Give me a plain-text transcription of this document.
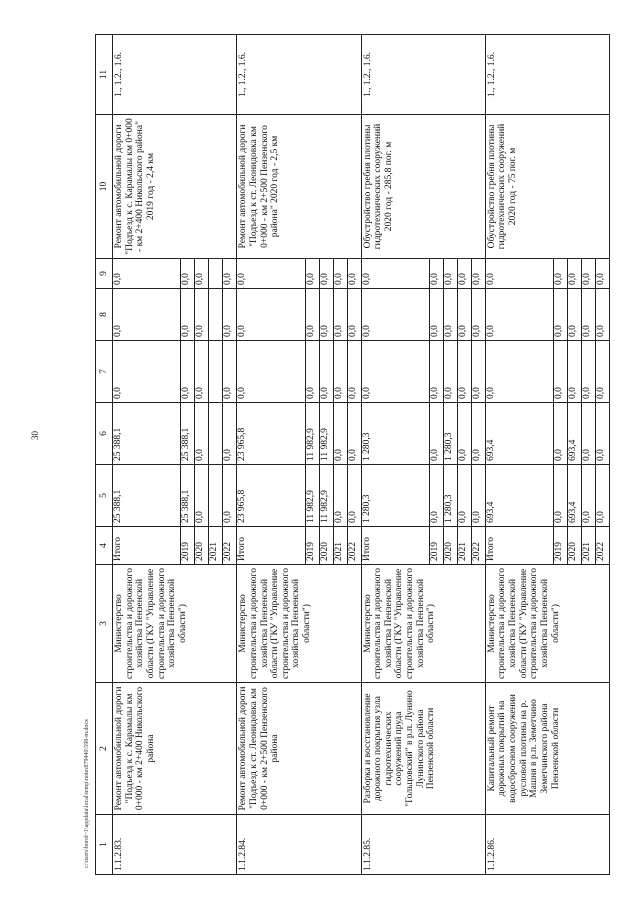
30
1	2	3	4	5	6	7	8	9	10	11
1.1.2.83.	Ремонт автомобильной дороги "Подъезд к с. Карамалы км 0+000 - км 2+400 Никольского района	Министерство строительства и дорожного хозяйства Пензенской области (ГКУ "Управление строительства и дорожного хозяйства Пензенской области")	Итого	25 388,1	25 388,1	0,0	0,0	0,0	Ремонт автомобильной дороги "Подъезд к с. Карамалы км 0+000 - км 2+400 Никольского района" 2019 год - 2,4 км	1., 1.2., 1.6.
			2019	25 388,1	25 388,1	0,0	0,0	0,0		
			2020	0,0	0,0	0,0	0,0	0,0		
			2021							
			2022	0,0	0,0	0,0	0,0	0,0		
1.1.2.84.	Ремонт автомобильной дороги "Подъезд к ст. Леонидовка км 0+000 - км 2+500 Пензенского района	Министерство строительства и дорожного хозяйства Пензенской области (ГКУ "Управление строительства и дорожного хозяйства Пензенской области")	Итого	23 965,8	23 965,8	0,0	0,0	0,0	Ремонт автомобильной дороги "Подъезд к ст. Леонидовка км 0+000 - км 2+500 Пензенского района" 2020 год - 2,5 км	1., 1.2., 1.6.
			2019	11 982,9	11 982,9	0,0	0,0	0,0		
			2020	11 982,9	11 982,9	0,0	0,0	0,0		
			2021	0,0	0,0	0,0	0,0	0,0		
			2022	0,0	0,0	0,0	0,0	0,0		
1.1.2.85.	Разборка и восстановление дорожного покрытия узла гидротехнических сооружений пруда "Гольцовский" в р.п. Лунино Лунинского района Пензенской области	Министерство строительства и дорожного хозяйства Пензенской области (ГКУ "Управление строительства и дорожного хозяйства Пензенской области")	Итого	1 280,3	1 280,3	0,0	0,0	0,0	Обустройство гребня плотины гидротехнических сооружений 2020 год - 285,8 пог. м	1., 1.2., 1.6.
			2019	0,0	0,0	0,0	0,0	0,0		
			2020	1 280,3	1 280,3	0,0	0,0	0,0		
			2021	0,0	0,0	0,0	0,0	0,0		
			2022	0,0	0,0	0,0	0,0	0,0		
1.1.2.86.	Капитальный ремонт дорожных покрытий на водосбросном сооружении русловой плотины на р. Машня в р.п. Земетчино Земетчинского района Пензенской области	Министерство строительства и дорожного хозяйства Пензенской области (ГКУ "Управление строительства и дорожного хозяйства Пензенской области")	Итого	693,4	693,4	0,0	0,0	0,0	Обустройство гребня плотины гидротехнических сооружений 2020 год - 75 пог. м	1., 1.2., 1.6.
			2019	0,0	0,0	0,0	0,0	0,0		
			2020	693,4	693,4	0,0	0,0	0,0		
			2021	0,0	0,0	0,0	0,0	0,0		
			2022	0,0	0,0	0,0	0,0	0,0		
c:\users\borol~1\appdata\local\temp\notes879440\598-m.docx
